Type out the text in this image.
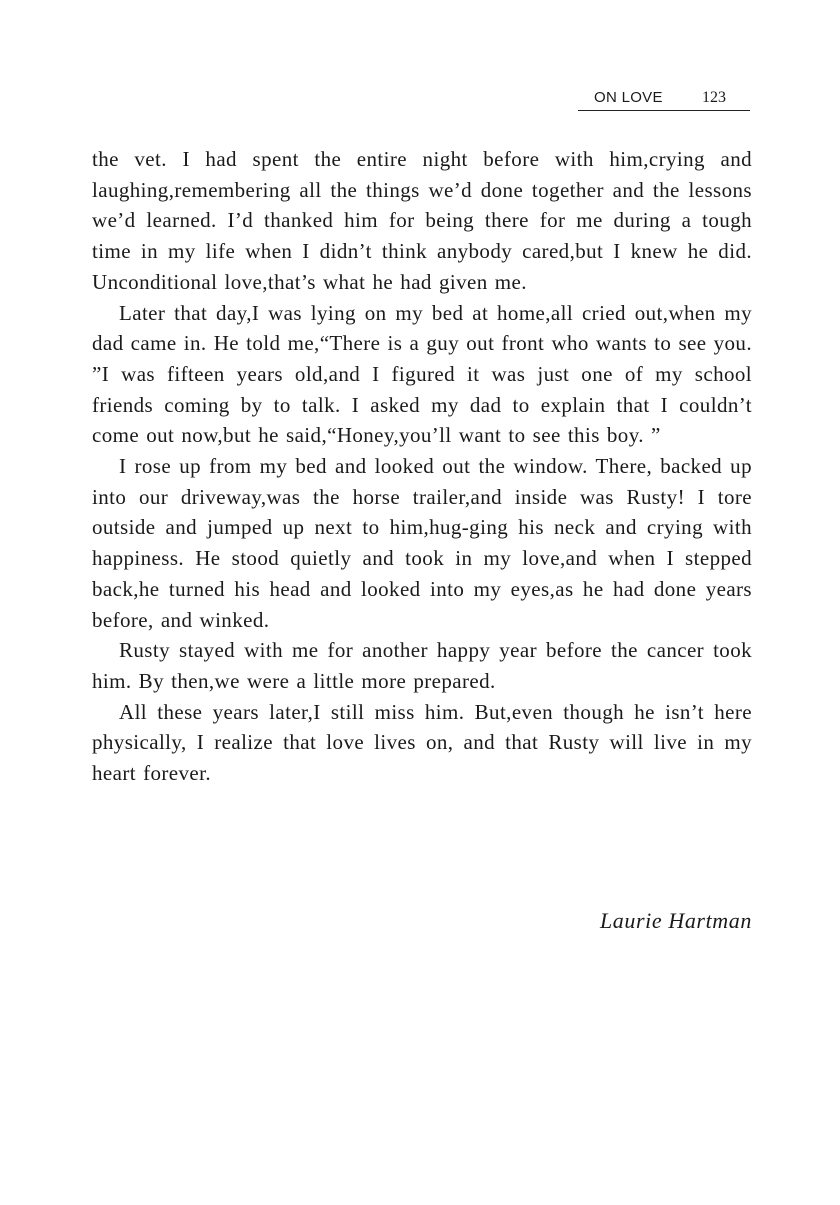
ON LOVE 123

the vet. I had spent the entire night before with him,crying and laughing,remembering all the things we’d done together and the lessons we’d learned. I’d thanked him for being there for me during a tough time in my life when I didn’t think anybody cared,but I knew he did. Unconditional love,that’s what he had given me.

Later that day,I was lying on my bed at home,all cried out,when my dad came in. He told me,“There is a guy out front who wants to see you. ”I was fifteen years old,and I figured it was just one of my school friends coming by to talk. I asked my dad to explain that I couldn’t come out now,but he said,“Honey,you’ll want to see this boy. ”

I rose up from my bed and looked out the window. There, backed up into our driveway,was the horse trailer,and inside was Rusty! I tore outside and jumped up next to him,hug-ging his neck and crying with happiness. He stood quietly and took in my love,and when I stepped back,he turned his head and looked into my eyes,as he had done years before, and winked.

Rusty stayed with me for another happy year before the cancer took him. By then,we were a little more prepared.

All these years later,I still miss him. But,even though he isn’t here physically, I realize that love lives on, and that Rusty will live in my heart forever.

Laurie Hartman
